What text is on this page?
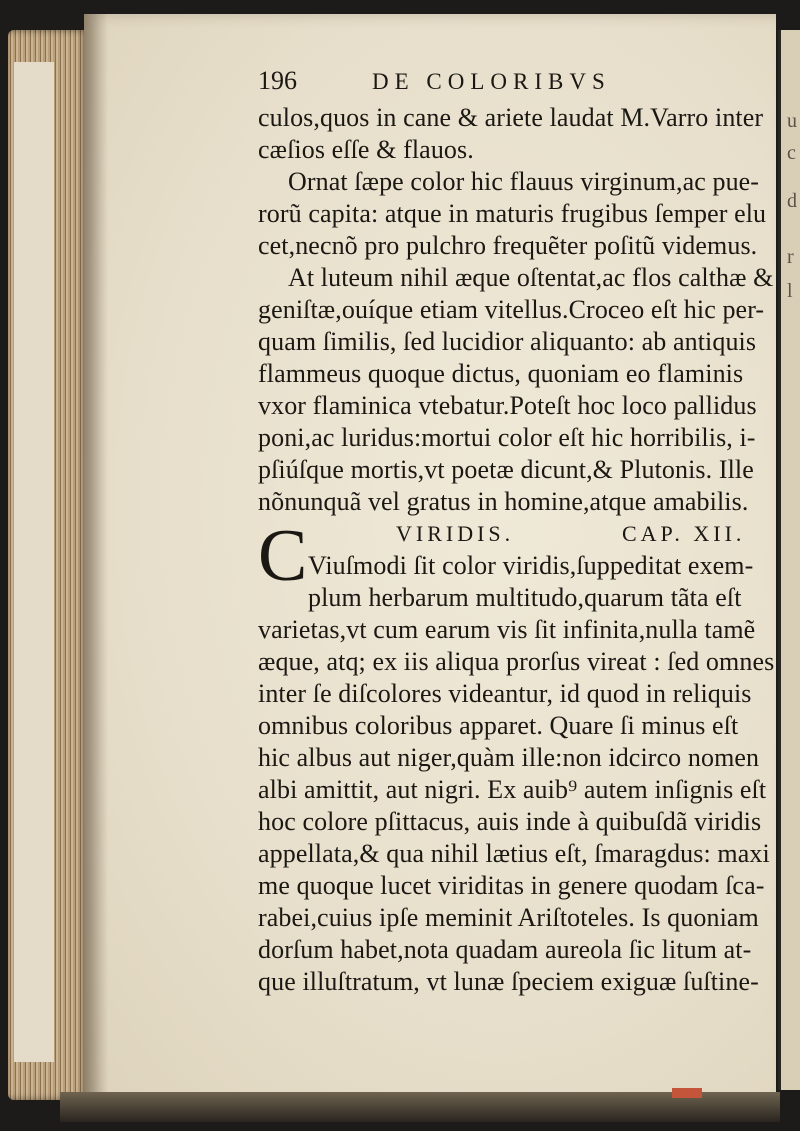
u
c
d
r
l
196	DE COLORIBVS
culos,quos in cane & ariete laudat M.Varro inter
cæſios eſſe & flauos.
Ornat ſæpe color hic flauus virginum,ac pue-
rorũ capita: atque in maturis frugibus ſemper elu
cet,necnõ pro pulchro frequẽter poſitũ videmus.
At luteum nihil æque oſtentat,ac flos calthæ &
geniſtæ,ouíque etiam vitellus.Croceo eſt hic per-
quam ſimilis, ſed lucidior aliquanto: ab antiquis
flammeus quoque dictus, quoniam eo flaminis
vxor flaminica vtebatur.Poteſt hoc loco pallidus
poni,ac luridus:mortui color eſt hic horribilis, i-
pſiúſque mortis,vt poetæ dicunt,& Plutonis. Ille
nõnunquã vel gratus in homine,atque amabilis.
VIRIDIS.	CAP. XII.
C Viuſmodi ſit color viridis,ſuppeditat exem-
plum herbarum multitudo,quarum tãta eſt
varietas,vt cum earum vis ſit infinita,nulla tamẽ
æque, atq; ex iis aliqua prorſus vireat : ſed omnes
inter ſe diſcolores videantur, id quod in reliquis
omnibus coloribus apparet. Quare ſi minus eſt
hic albus aut niger,quàm ille:non idcirco nomen
albi amittit, aut nigri. Ex auib⁹ autem inſignis eſt
hoc colore pſittacus, auis inde à quibuſdã viridis
appellata,& qua nihil lætius eſt, ſmaragdus: maxi
me quoque lucet viriditas in genere quodam ſca-
rabei,cuius ipſe meminit Ariſtoteles. Is quoniam
dorſum habet,nota quadam aureola ſic litum at-
que illuſtratum, vt lunæ ſpeciem exiguæ ſuſtine-
